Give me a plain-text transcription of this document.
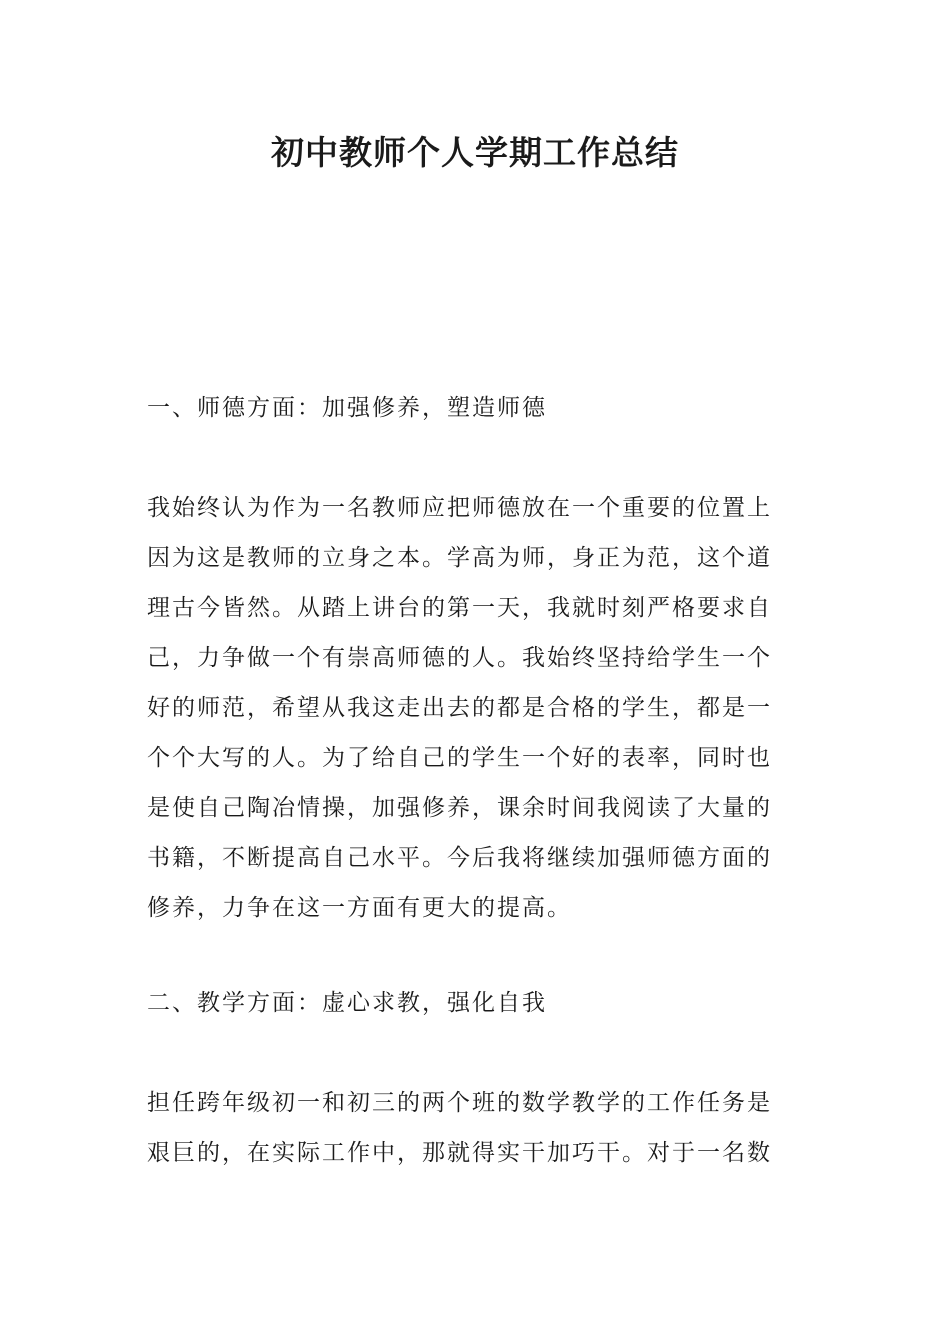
初中教师个人学期工作总结

一、师德方面：加强修养，塑造师德

我始终认为作为一名教师应把师德放在一个重要的位置上
因为这是教师的立身之本。学高为师，身正为范，这个道
理古今皆然。从踏上讲台的第一天，我就时刻严格要求自
己，力争做一个有崇高师德的人。我始终坚持给学生一个
好的师范，希望从我这走出去的都是合格的学生，都是一
个个大写的人。为了给自己的学生一个好的表率，同时也
是使自己陶冶情操，加强修养，课余时间我阅读了大量的
书籍，不断提高自己水平。今后我将继续加强师德方面的
修养，力争在这一方面有更大的提高。

二、教学方面：虚心求教，强化自我

担任跨年级初一和初三的两个班的数学教学的工作任务是
艰巨的，在实际工作中，那就得实干加巧干。对于一名数
